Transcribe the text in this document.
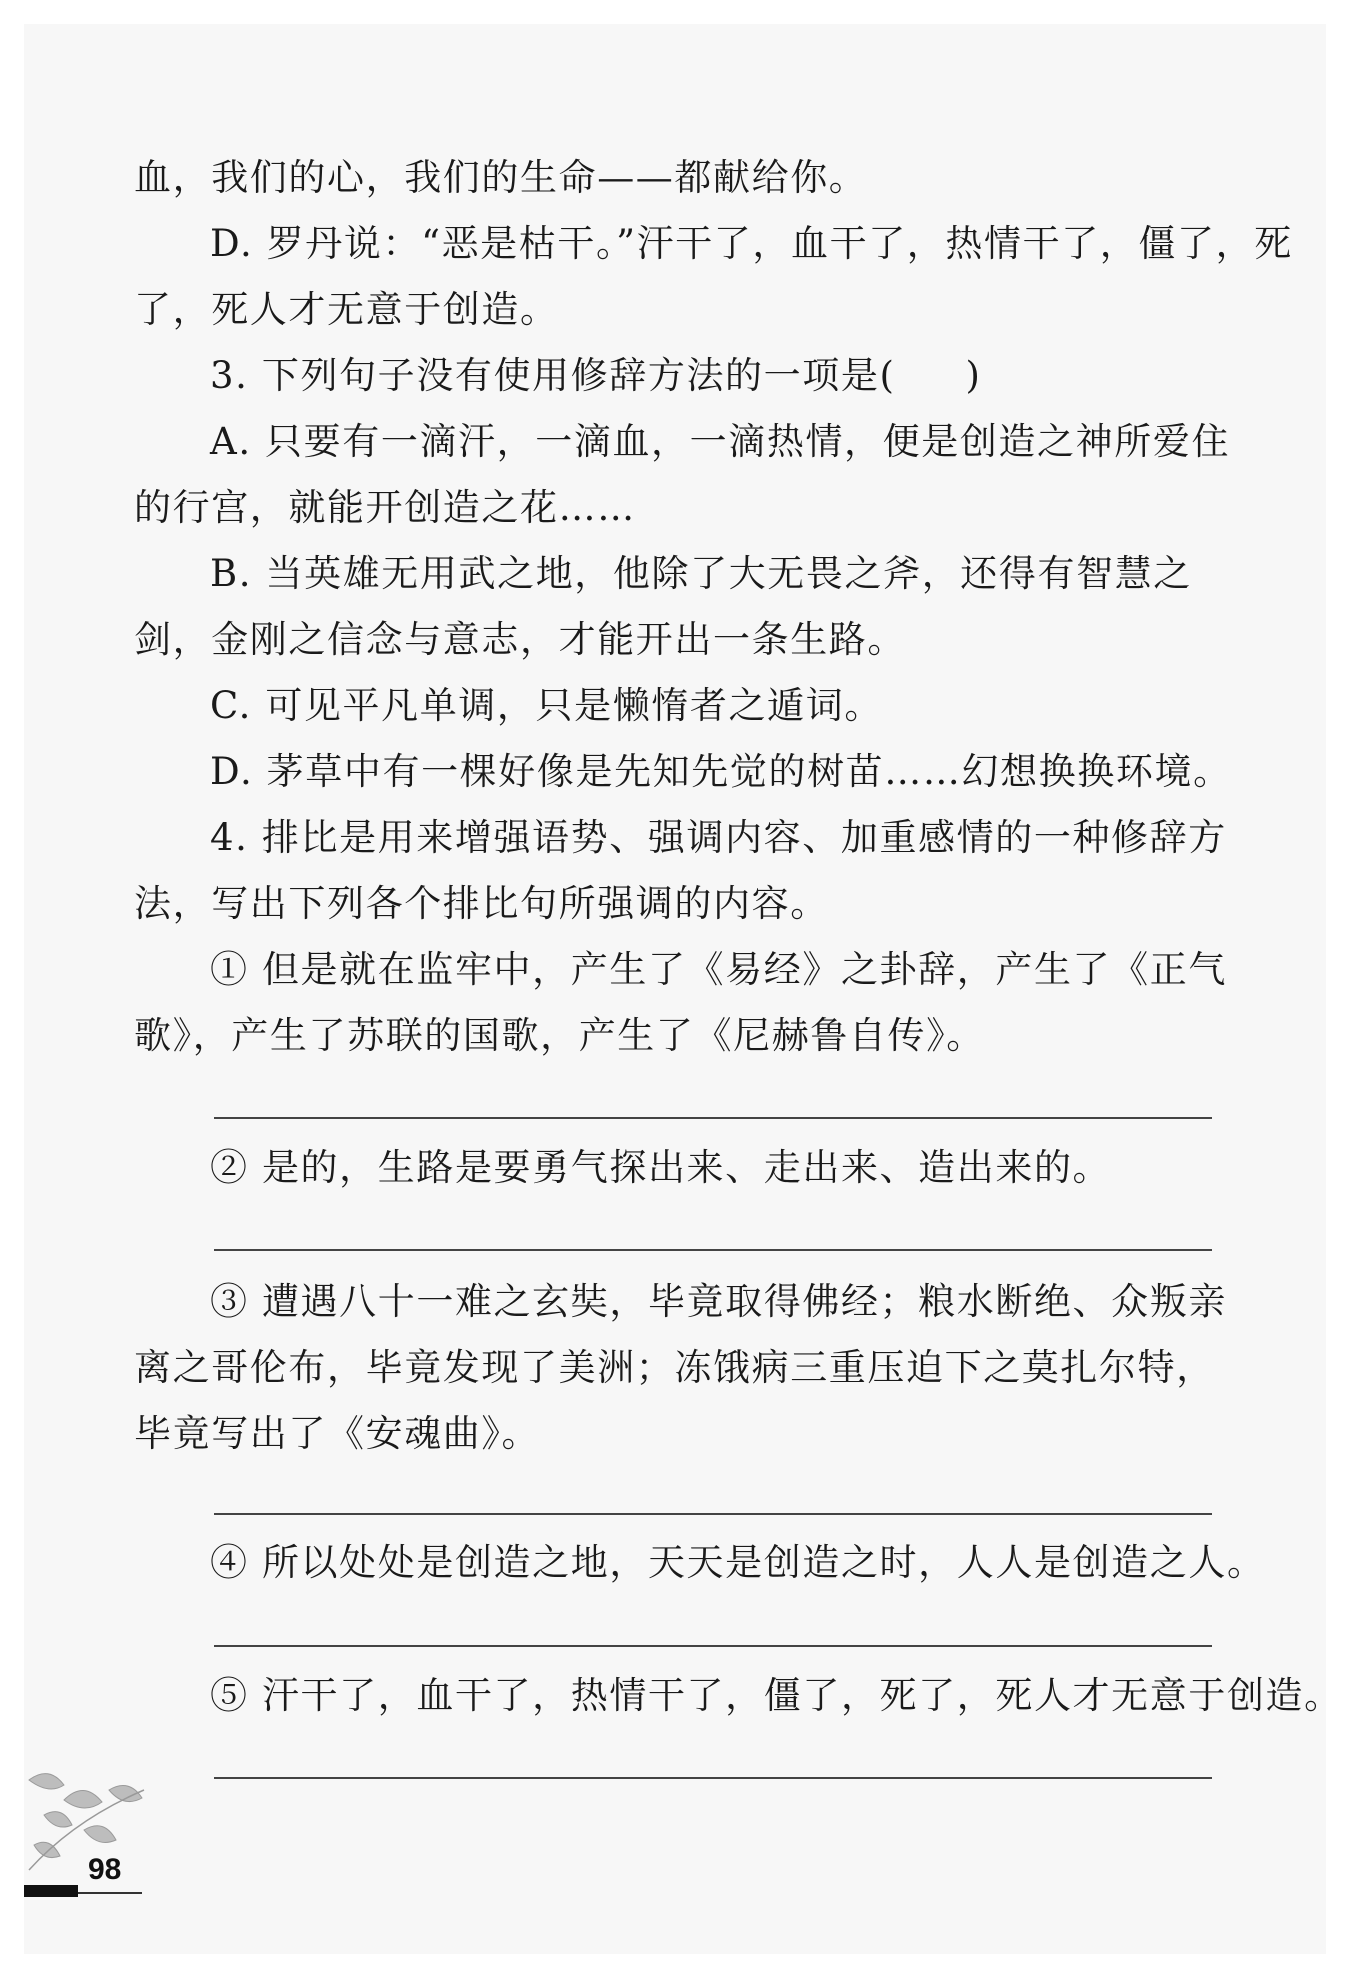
血，我们的心，我们的生命——都献给你。
D. 罗丹说：“恶是枯干。”汗干了，血干了，热情干了，僵了，死
了，死人才无意于创造。
3. 下列句子没有使用修辞方法的一项是( )
A. 只要有一滴汗，一滴血，一滴热情，便是创造之神所爱住
的行宫，就能开创造之花……
B. 当英雄无用武之地，他除了大无畏之斧，还得有智慧之
剑，金刚之信念与意志，才能开出一条生路。
C. 可见平凡单调，只是懒惰者之遁词。
D. 茅草中有一棵好像是先知先觉的树苗……幻想换换环境。
4. 排比是用来增强语势、强调内容、加重感情的一种修辞方
法，写出下列各个排比句所强调的内容。
① 但是就在监牢中，产生了《易经》之卦辞，产生了《正气
歌》，产生了苏联的国歌，产生了《尼赫鲁自传》。
② 是的，生路是要勇气探出来、走出来、造出来的。
③ 遭遇八十一难之玄奘，毕竟取得佛经；粮水断绝、众叛亲
离之哥伦布，毕竟发现了美洲；冻饿病三重压迫下之莫扎尔特，
毕竟写出了《安魂曲》。
④ 所以处处是创造之地，天天是创造之时，人人是创造之人。
⑤ 汗干了，血干了，热情干了，僵了，死了，死人才无意于创造。
98
